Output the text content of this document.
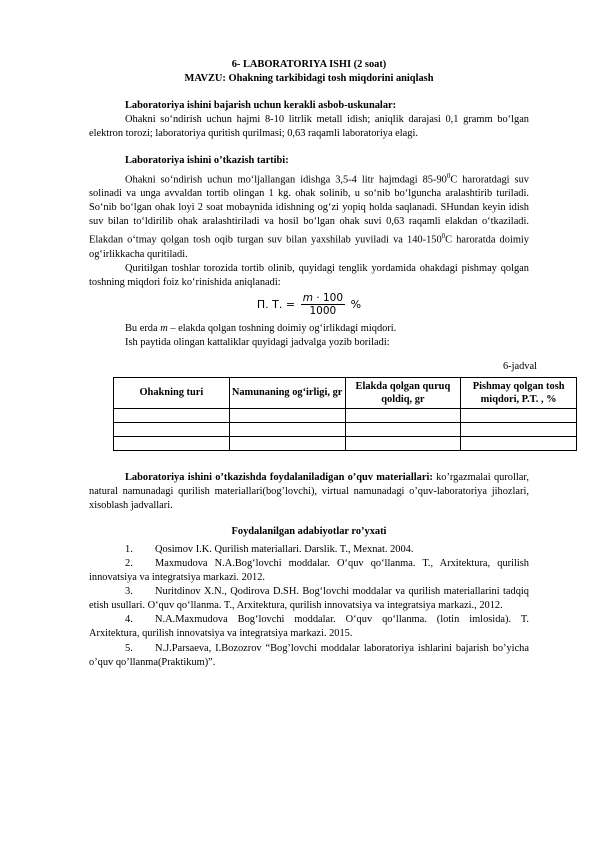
6- LABORATORIYA ISHI (2 soat)

MAVZU: Ohakning tarkibidagi tosh miqdorini aniqlash

Laboratoriya ishini bajarish uchun kerakli asbob-uskunalar:

Ohakni so‘ndirish uchun hajmi 8-10 litrlik metall idish; aniqlik darajasi 0,1 gramm bo‘lgan elektron torozi; laboratoriya quritish qurilmasi; 0,63 raqamli laboratoriya elagi.

Laboratoriya ishini o’tkazish tartibi:

Ohakni so‘ndirish uchun mo‘ljallangan idishga 3,5-4 litr hajmdagi $85-90^0C$ haroratdagi suv solinadi va unga avvaldan tortib olingan 1 kg. ohak solinib, u so‘nib bo‘lguncha aralashtirib turiladi. So‘nib bo‘lgan ohak loyi 2 soat mobaynida idishning og‘zi yopiq holda saqlanadi. SHundan keyin idish suv bilan to‘ldirilib ohak aralashtiriladi va hosil bo‘lgan ohak suvi 0,63 raqamli elakdan o‘tkaziladi. Elakdan o‘tmay qolgan tosh oqib turgan suv bilan yaxshilab yuviladi va $140-150^0C$ haroratda doimiy og‘irlikkacha quritiladi.

Quritilgan toshlar torozida tortib olinib, quyidagi tenglik yordamida ohakdagi pishmay qolgan toshning miqdori foiz ko‘rinishida aniqlanadi:

П. Т. = $\frac{m \cdot 100}{1000}$ %

Bu erda m – elakda qolgan toshning doimiy og‘irlikdagi miqdori.

Ish paytida olingan kattaliklar quyidagi jadvalga yozib boriladi:

6-jadval
Ohakning turi	Namunaning og‘irligi, gr	Elakda qolgan quruq qoldiq, gr	Pishmay qolgan tosh miqdori, P.T. , %

Laboratoriya ishini o’tkazishda foydalaniladigan o’quv materiallari: ko’rgazmalai qurollar, natural namunadagi qurilish materiallari(bog’lovchi), virtual namunadagi o’quv-laboratoriya jihozlari, xisoblash jadvallari.

Foydalanilgan adabiyotlar ro’yxati

1. Qosimov I.K. Qurilish materiallari. Darslik. T., Mexnat. 2004.

2. Maxmudova N.A.Bog‘lovchi moddalar. O‘quv qo‘llanma. T., Arxitektura, qurilish innovatsiya va integratsiya markazi. 2012.

3. Nuritdinov X.N., Qodirova D.SH. Bog‘lovchi moddalar va qurilish materiallarini tadqiq etish usullari. O‘quv qo‘llanma. T., Arxitektura, qurilish innovatsiya va integratsiya markazi., 2012.

4. N.A.Maxmudova Bog‘lovchi moddalar. O‘quv qo‘llanma. (lotin imlosida). T. Arxitektura, qurilish innovatsiya va integratsiya markazi. 2015.

5. N.J.Parsaeva, I.Bozozrov “Bog’lovchi moddalar laboratoriya ishlarini bajarish bo’yicha o’quv qo’llanma(Praktikum)”.
